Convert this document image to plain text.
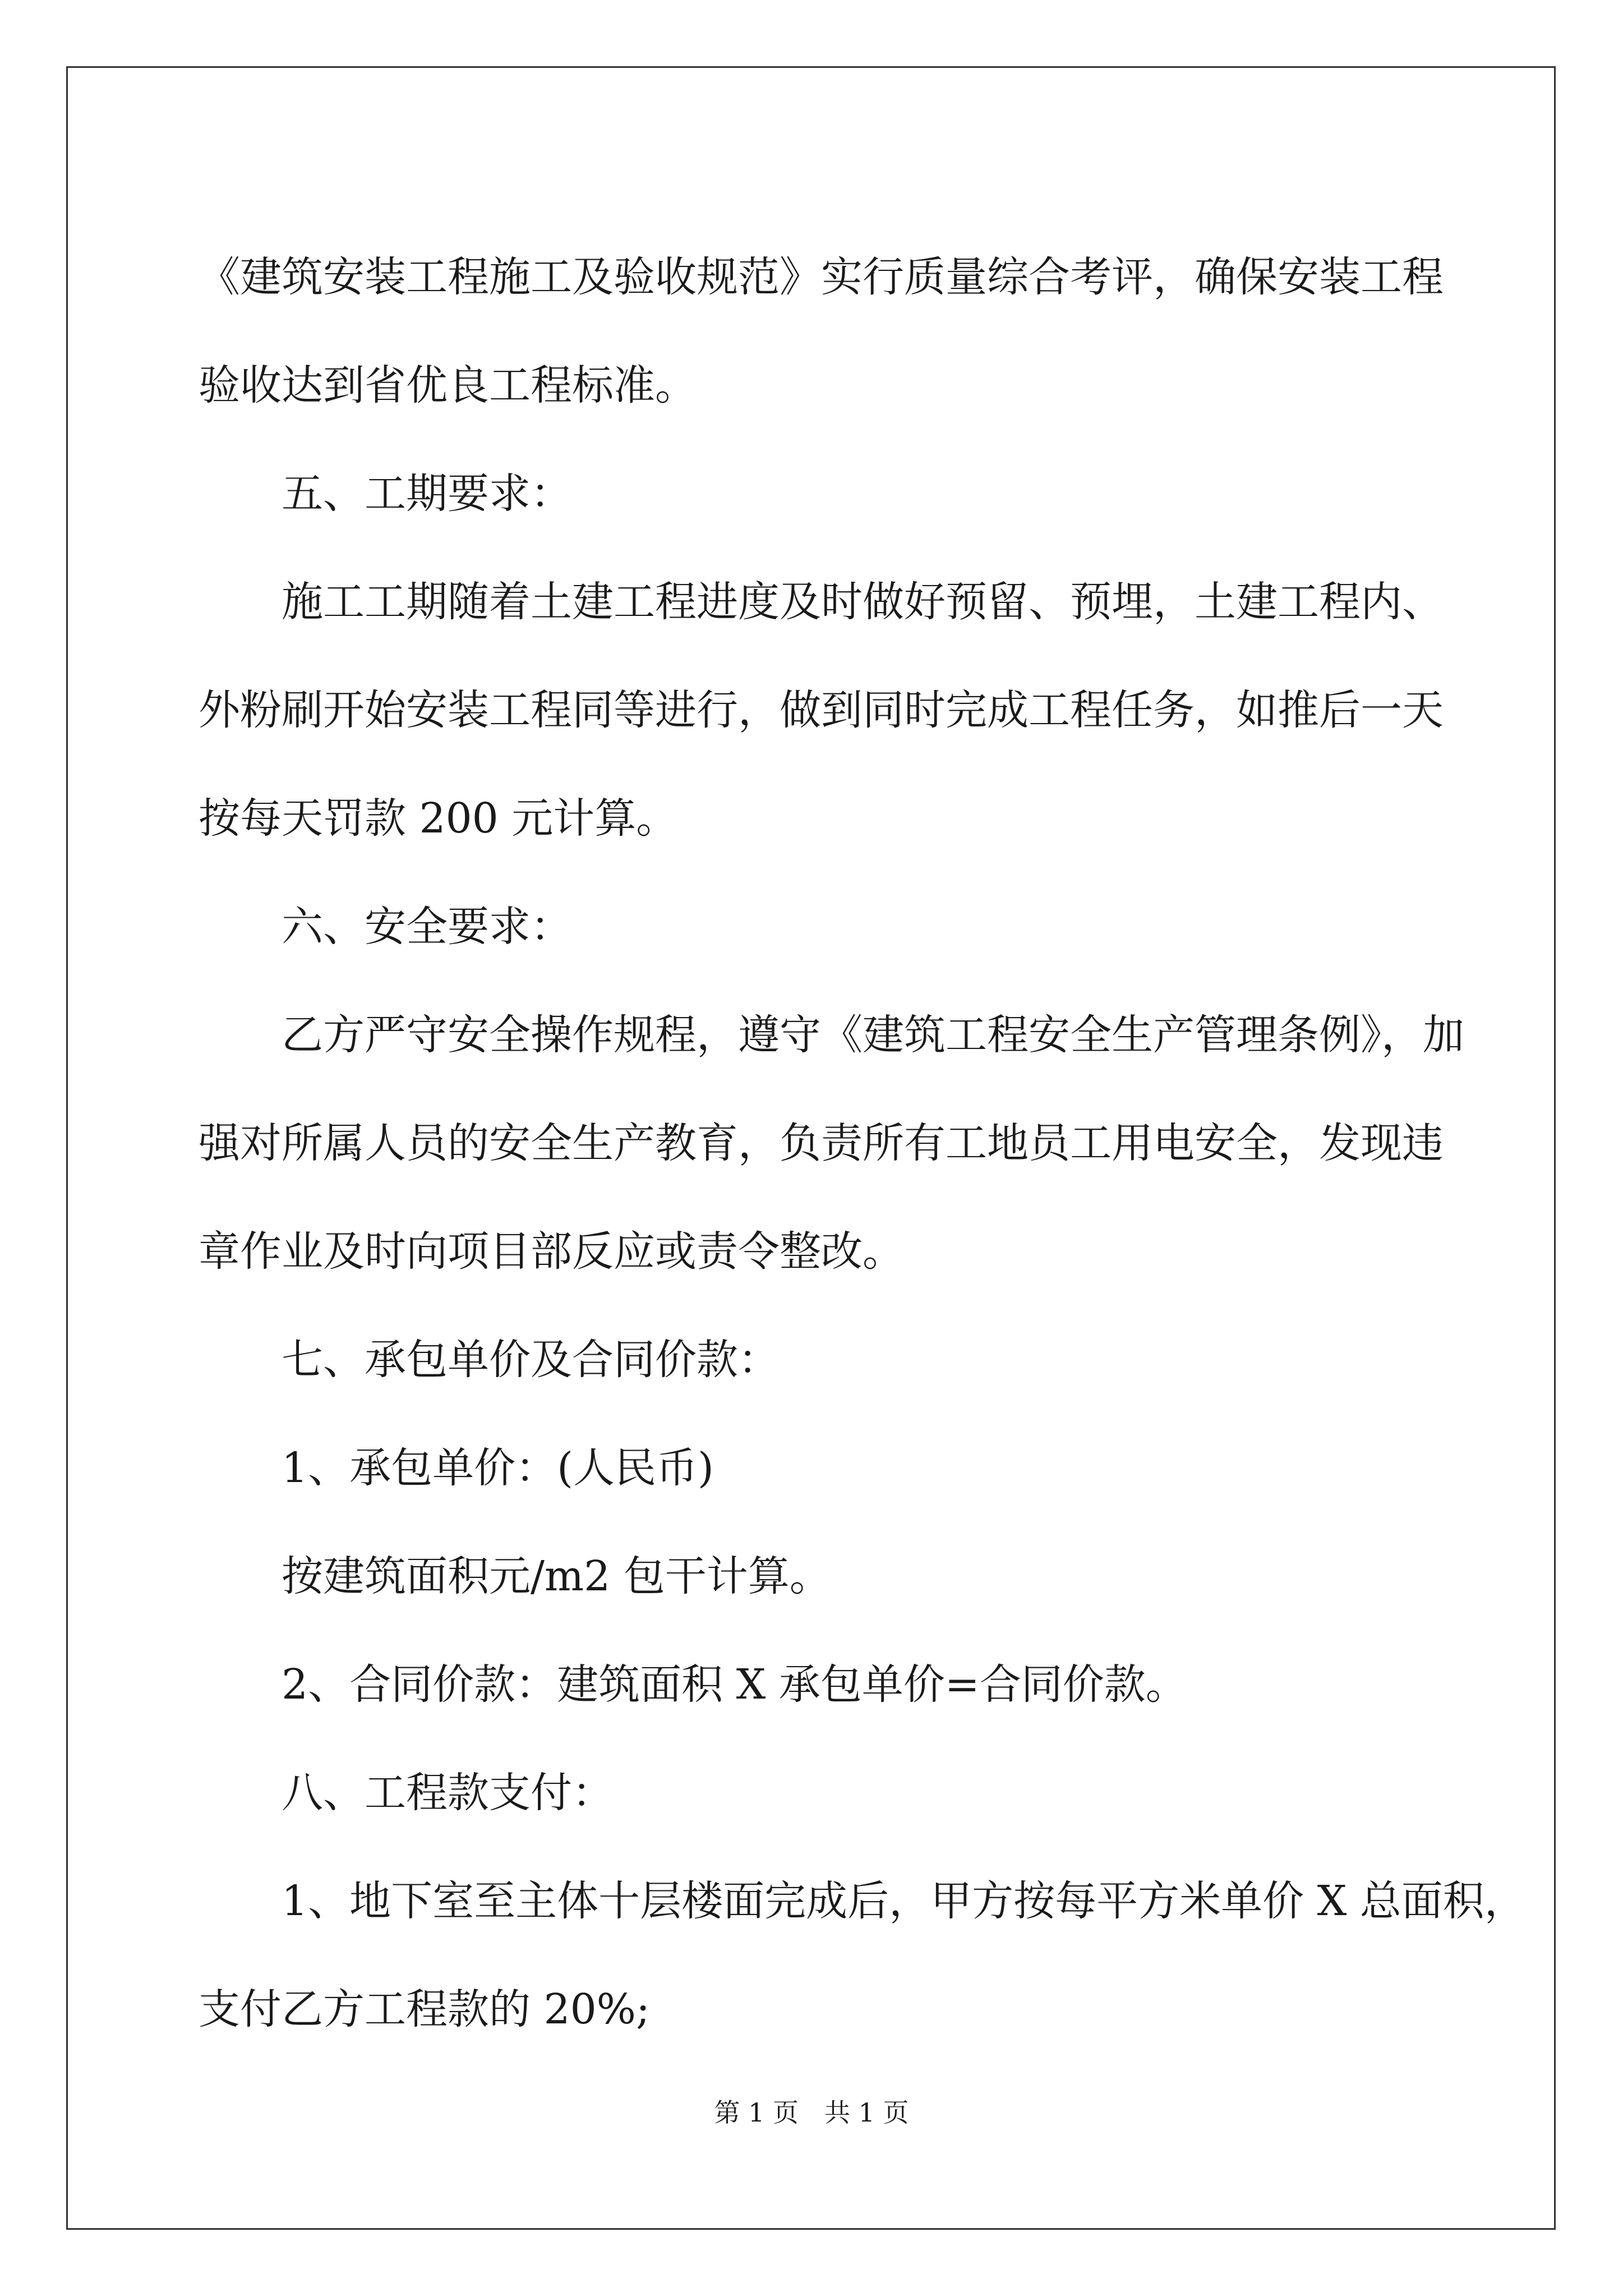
《建筑安装工程施工及验收规范》实行质量综合考评，确保安装工程
验收达到省优良工程标准。
五、工期要求：
施工工期随着土建工程进度及时做好预留、预埋，土建工程内、
外粉刷开始安装工程同等进行，做到同时完成工程任务，如推后一天
按每天罚款 200 元计算。
六、安全要求：
乙方严守安全操作规程，遵守《建筑工程安全生产管理条例》，加
强对所属人员的安全生产教育，负责所有工地员工用电安全，发现违
章作业及时向项目部反应或责令整改。
七、承包单价及合同价款：
1、承包单价：(人民币)
按建筑面积元/m2 包干计算。
2、合同价款：建筑面积 X 承包单价=合同价款。
八、工程款支付：
1、地下室至主体十层楼面完成后，甲方按每平方米单价 X 总面积，
支付乙方工程款的 20%;
第 1 页　共 1 页
